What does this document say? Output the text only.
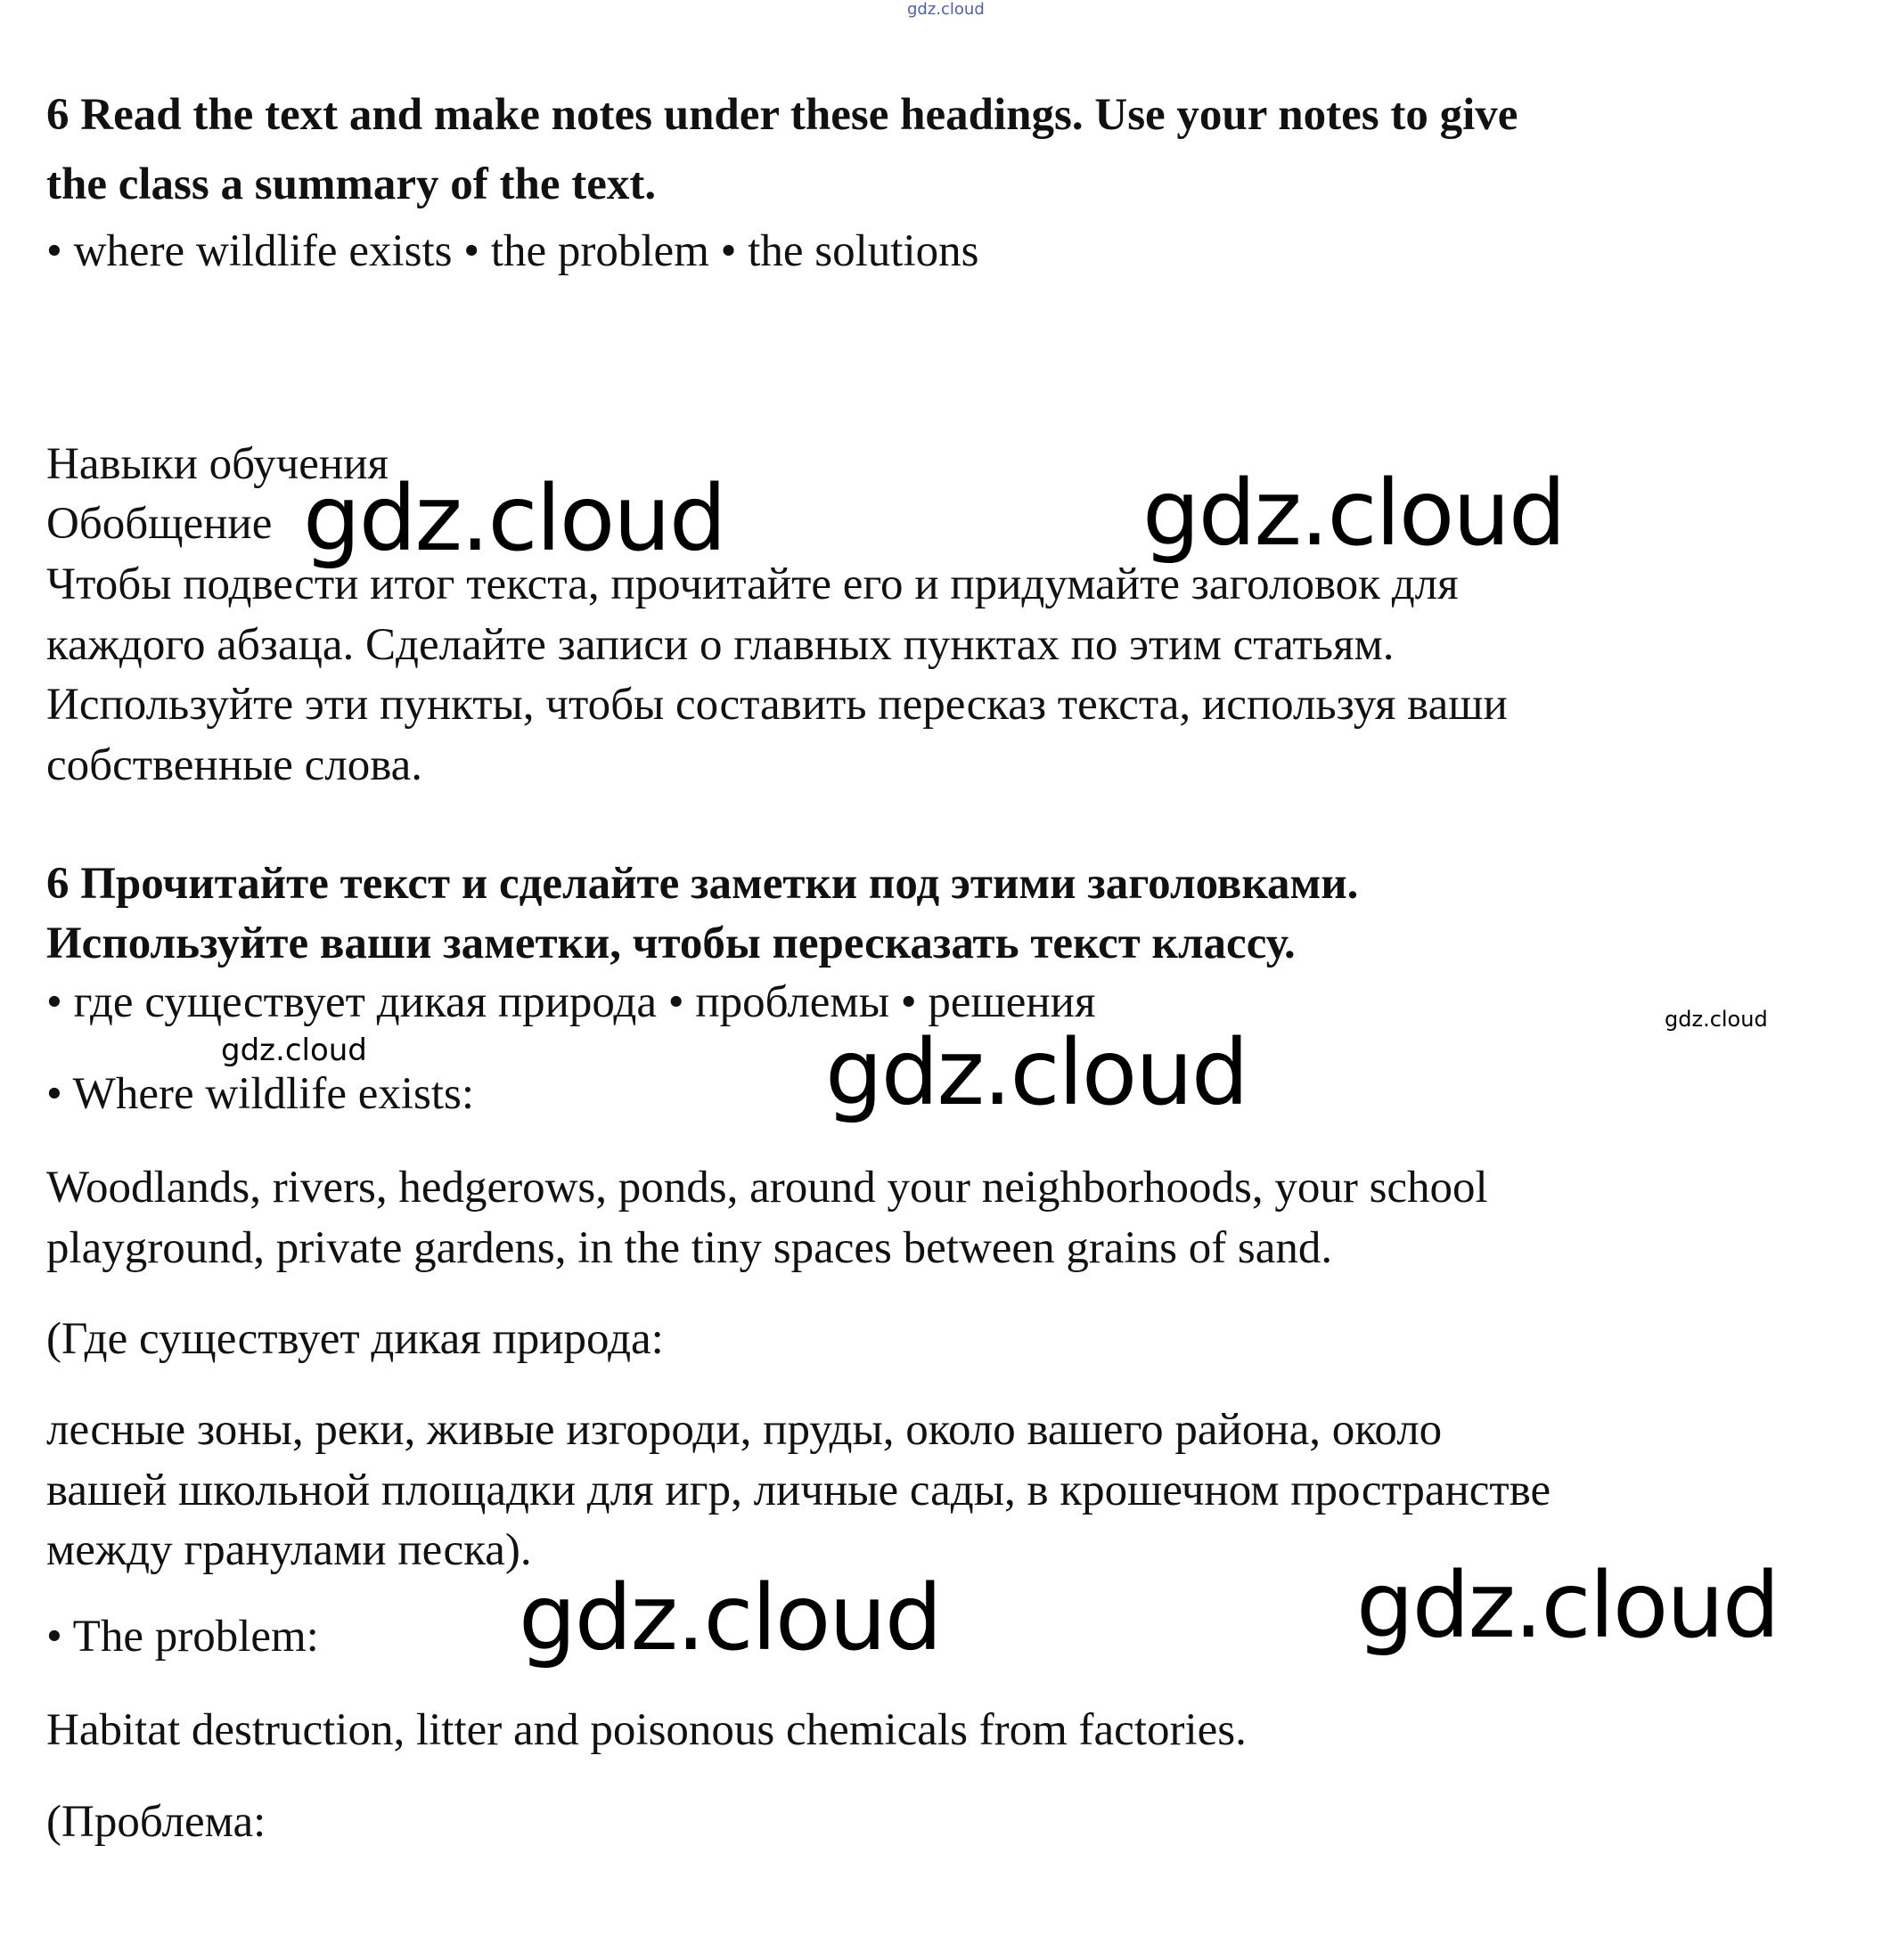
gdz.cloud
6 Read the text and make notes under these headings. Use your notes to give
the class a summary of the text.
• where wildlife exists • the problem • the solutions
Навыки обучения
Обобщение
Чтобы подвести итог текста, прочитайте его и придумайте заголовок для
каждого абзаца. Сделайте записи о главных пунктах по этим статьям.
Используйте эти пункты, чтобы составить пересказ текста, используя ваши
собственные слова.
6 Прочитайте текст и сделайте заметки под этими заголовками.
Используйте ваши заметки, чтобы пересказать текст классу.
• где существует дикая природа • проблемы • решения
• Where wildlife exists:
Woodlands, rivers, hedgerows, ponds, around your neighborhoods, your school
playground, private gardens, in the tiny spaces between grains of sand.
(Где существует дикая природа:
лесные зоны, реки, живые изгороди, пруды, около вашего района, около
вашей школьной площадки для игр, личные сады, в крошечном пространстве
между гранулами песка).
• The problem:
Habitat destruction, litter and poisonous chemicals from factories.
(Проблема:
gdz.cloud	gdz.cloud
gdz.cloud	gdz.cloud
gdz.cloud
gdz.cloud	gdz.cloud
